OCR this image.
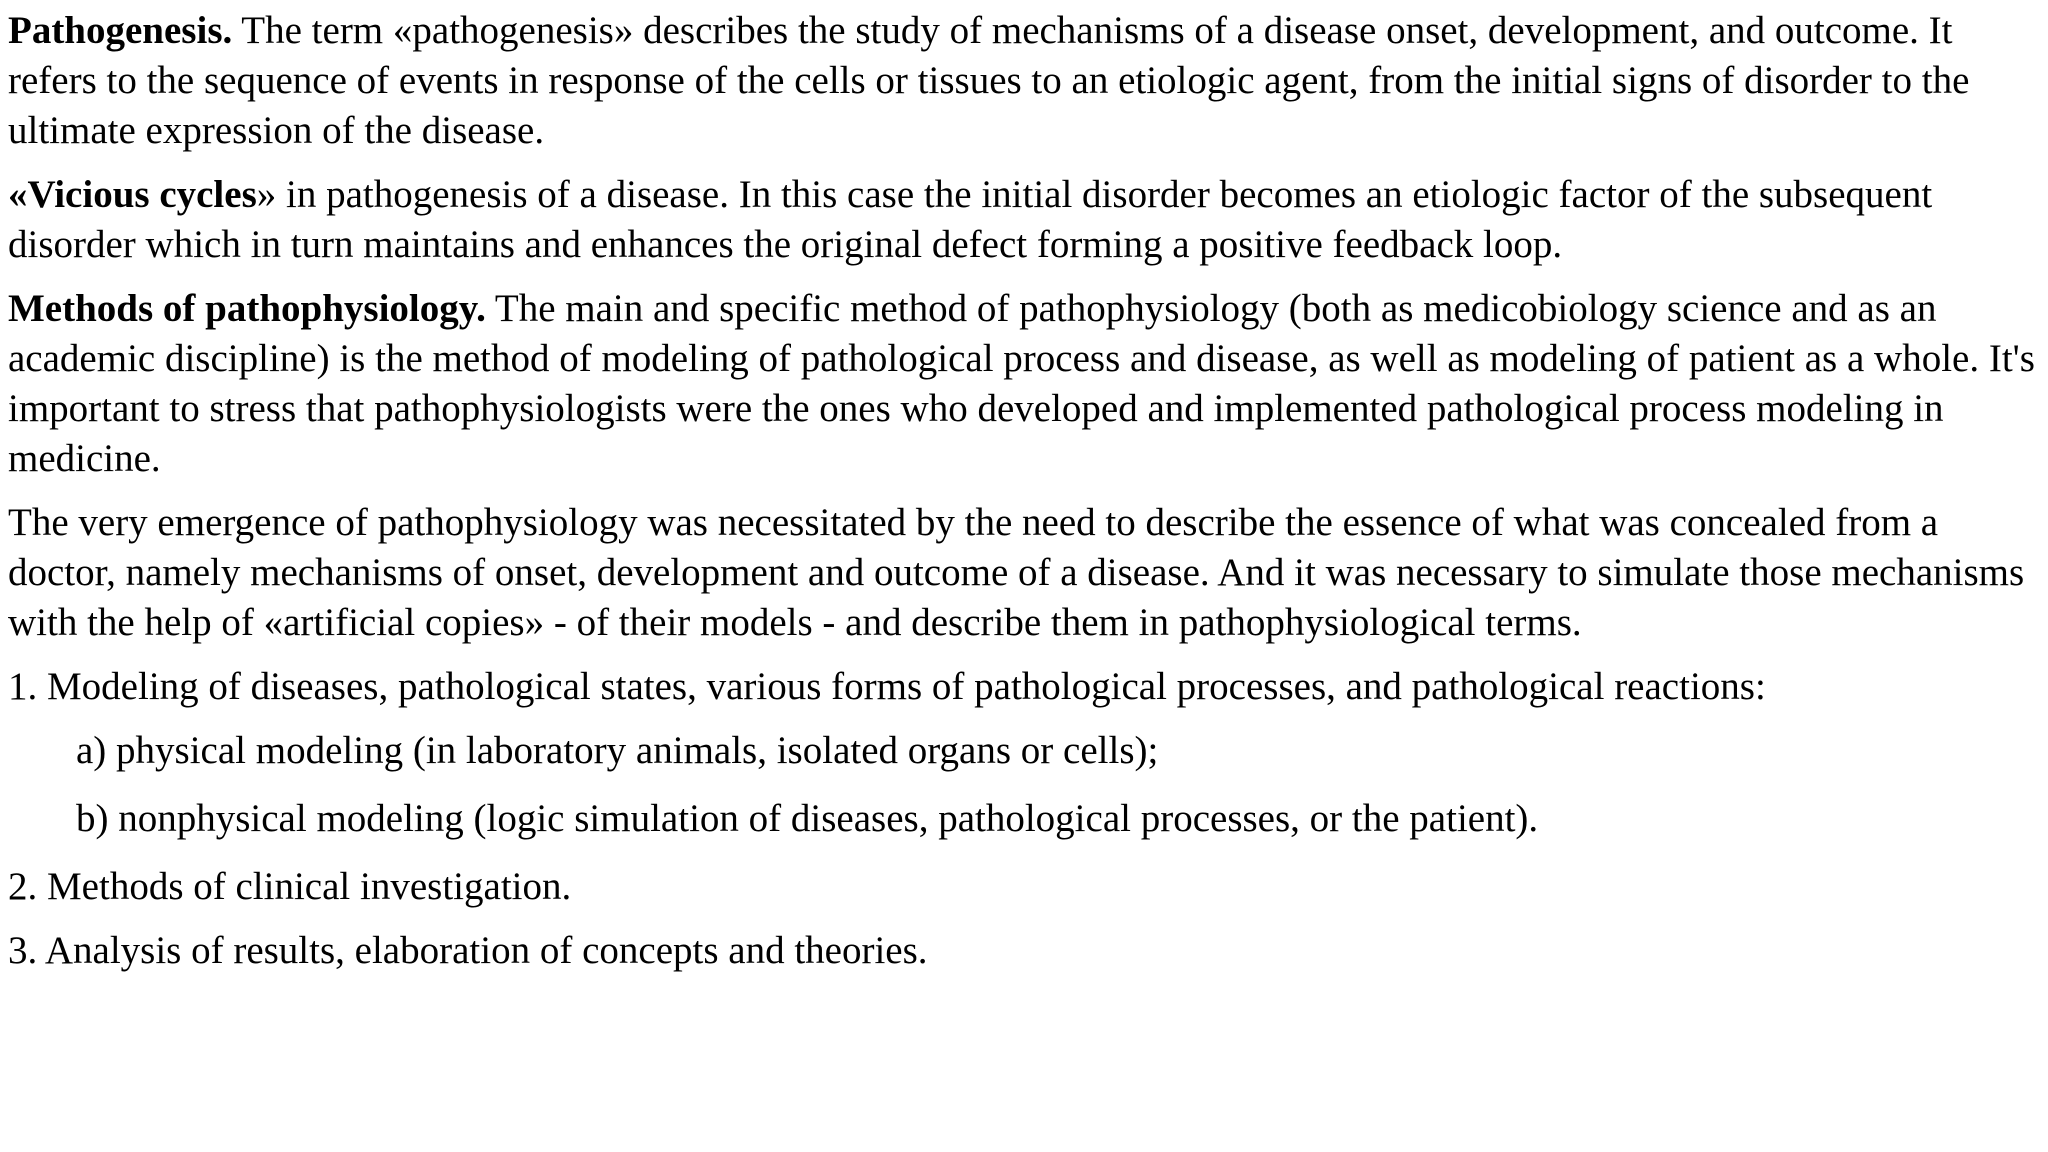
Pathogenesis. The term «pathogenesis» describes the study of mechanisms of a disease onset, development, and outcome. It refers to the sequence of events in response of the cells or tissues to an etiologic agent, from the initial signs of disorder to the ultimate expression of the disease.

«Vicious cycles» in pathogenesis of a disease. In this case the initial disorder becomes an etiologic factor of the subsequent disorder which in turn maintains and enhances the original defect forming a positive feedback loop.

Methods of pathophysiology. The main and specific method of pathophysiology (both as medicobiology science and as an academic discipline) is the method of modeling of pathological process and disease, as well as modeling of patient as a whole. It's important to stress that pathophysiologists were the ones who developed and implemented pathological process modeling in medicine.

The very emergence of pathophysiology was necessitated by the need to describe the essence of what was concealed from a doctor, namely mechanisms of onset, development and outcome of a disease. And it was necessary to simulate those mechanisms with the help of «artificial copies» - of their models - and describe them in pathophysiological terms.

1. Modeling of diseases, pathological states, various forms of pathological processes, and pathological reactions:

a) physical modeling (in laboratory animals, isolated organs or cells);

b) nonphysical modeling (logic simulation of diseases, pathological processes, or the patient).

2. Methods of clinical investigation.

3. Analysis of results, elaboration of concepts and theories.
